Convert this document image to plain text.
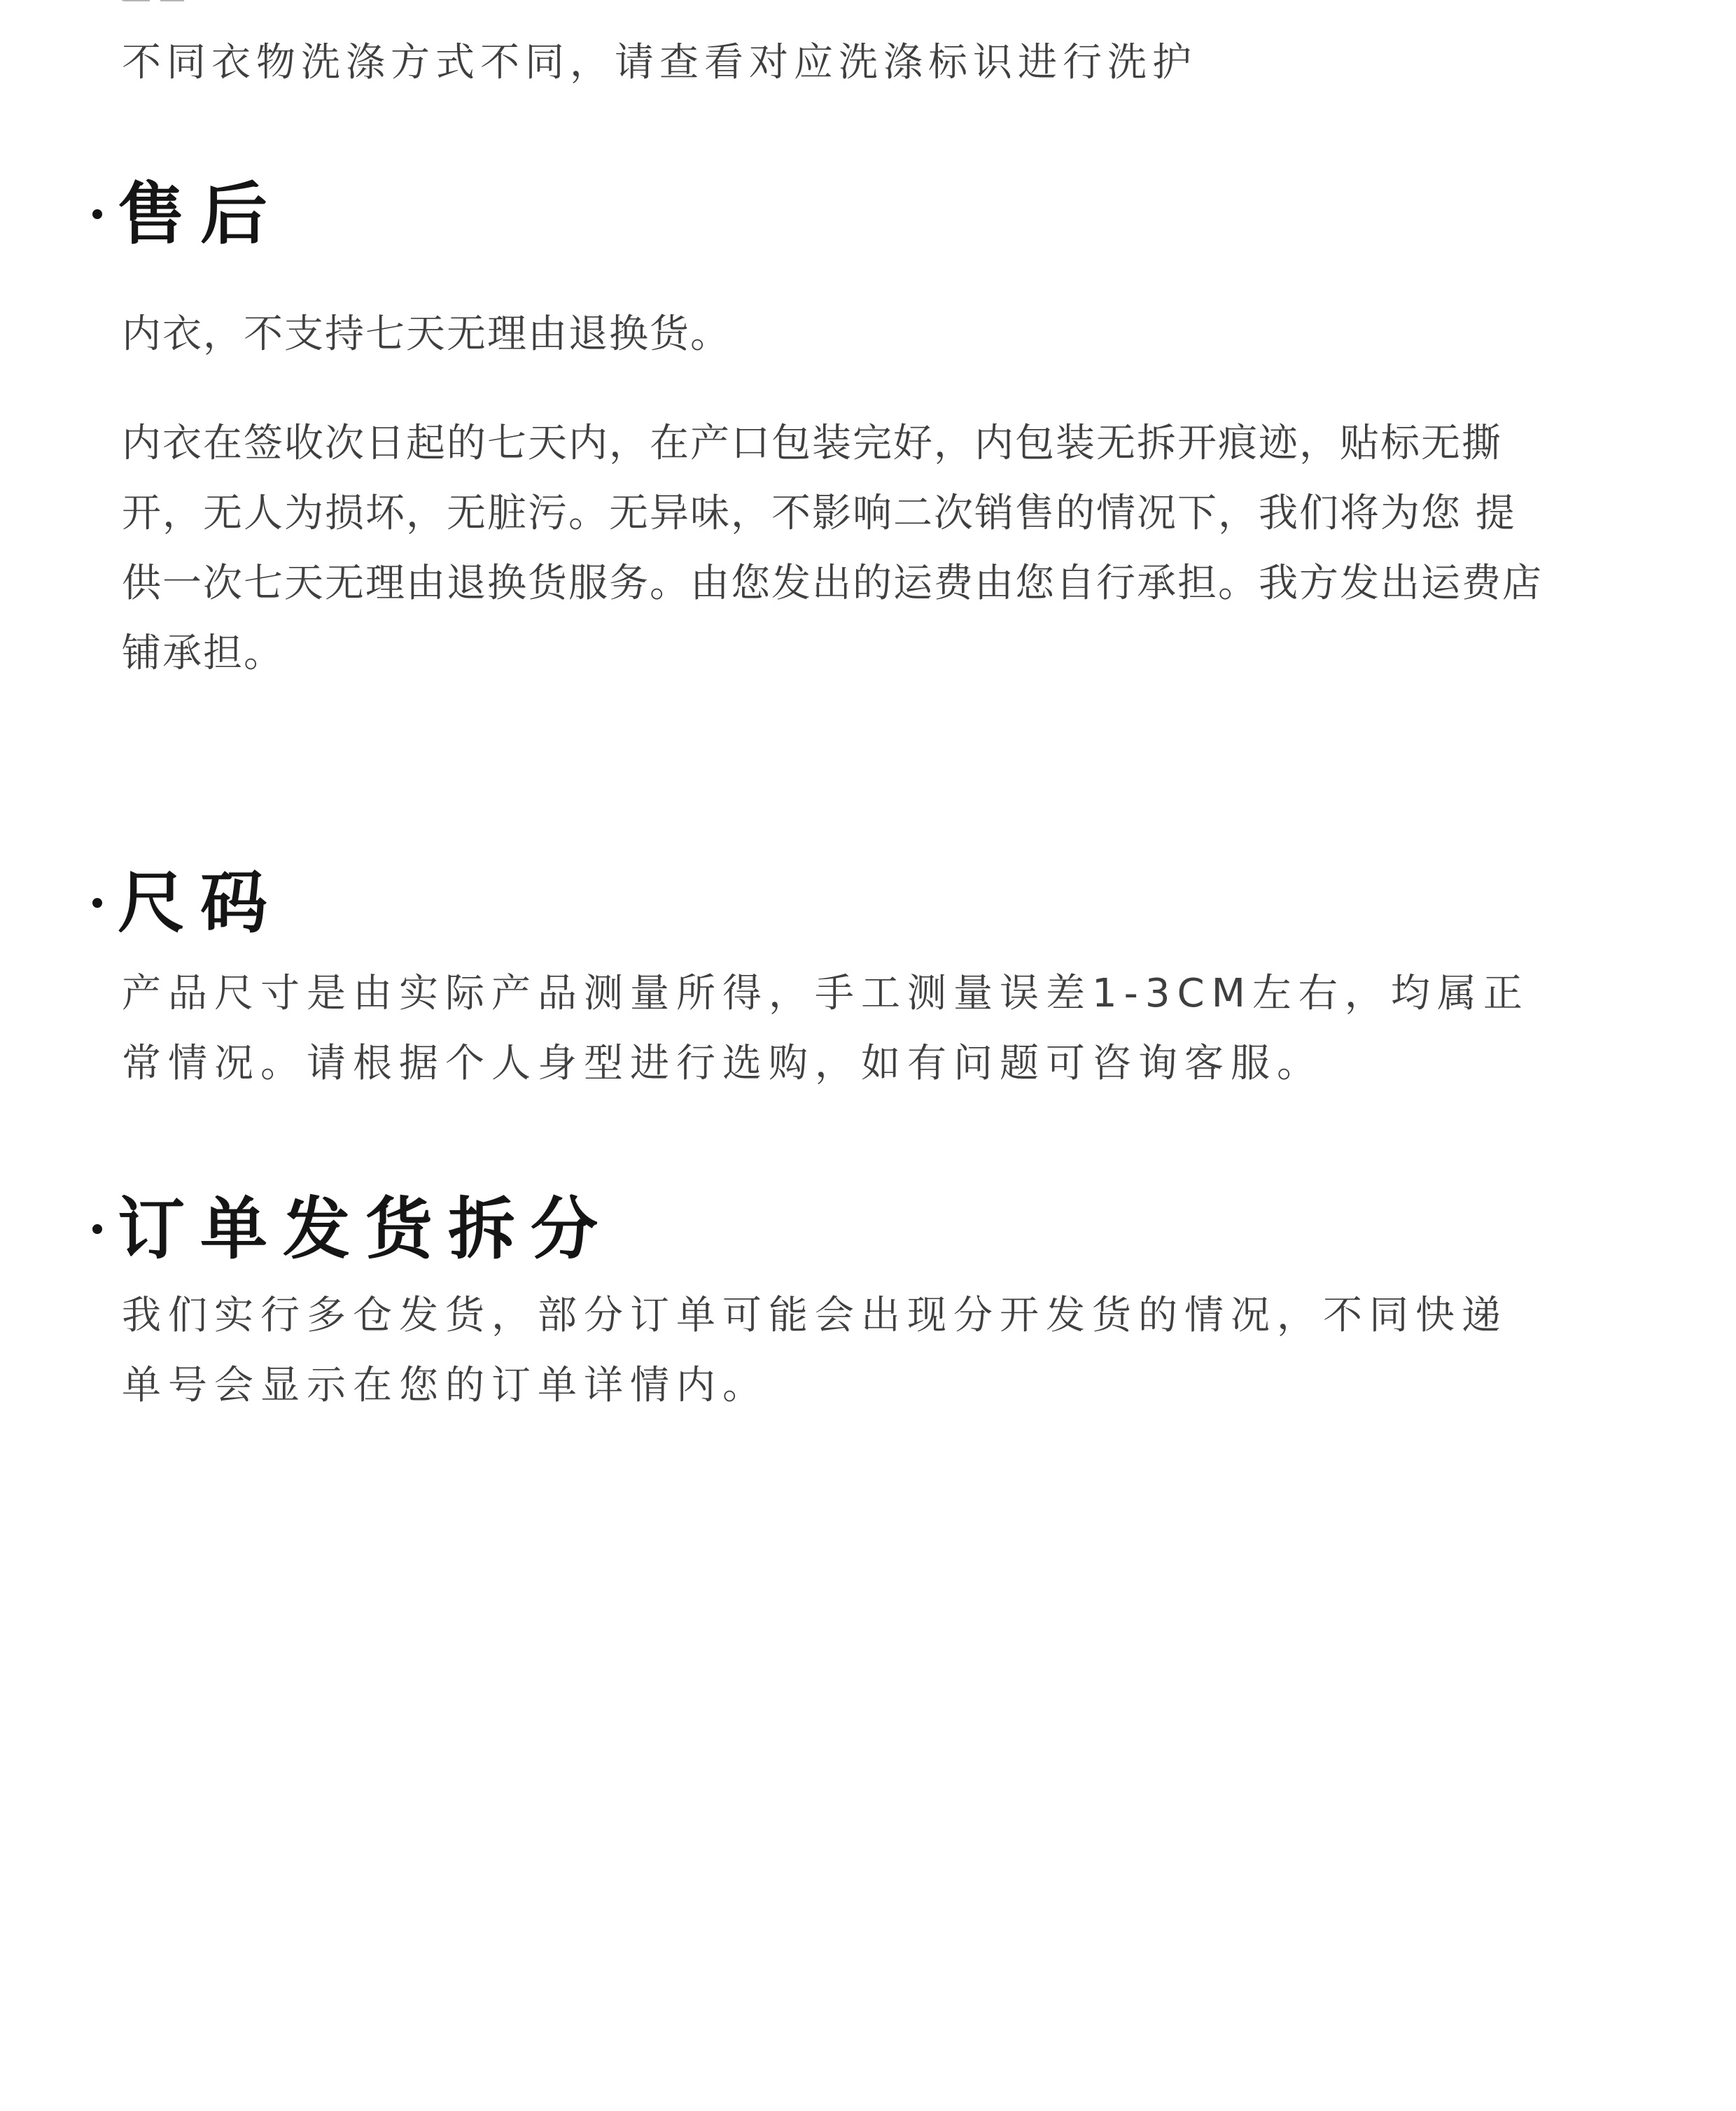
不同衣物洗涤方式不同，请查看对应洗涤标识进行洗护

售后

内衣，不支持七天无理由退换货。

内衣在签收次日起的七天内，在产口包装完好，内包装无拆开痕迹，贴标无撕开，无人为损坏，无脏污。无异味，不影响二次销售的情况下，我们将为您 提供一次七天无理由退换货服务。由您发出的运费由您自行承担。我方发出运费店铺承担。

尺码

产品尺寸是由实际产品测量所得，手工测量误差1-3CM左右，均属正常情况。请根据个人身型进行选购，如有问题可咨询客服。

订单发货拆分

我们实行多仓发货，部分订单可能会出现分开发货的情况，不同快递单号会显示在您的订单详情内。
